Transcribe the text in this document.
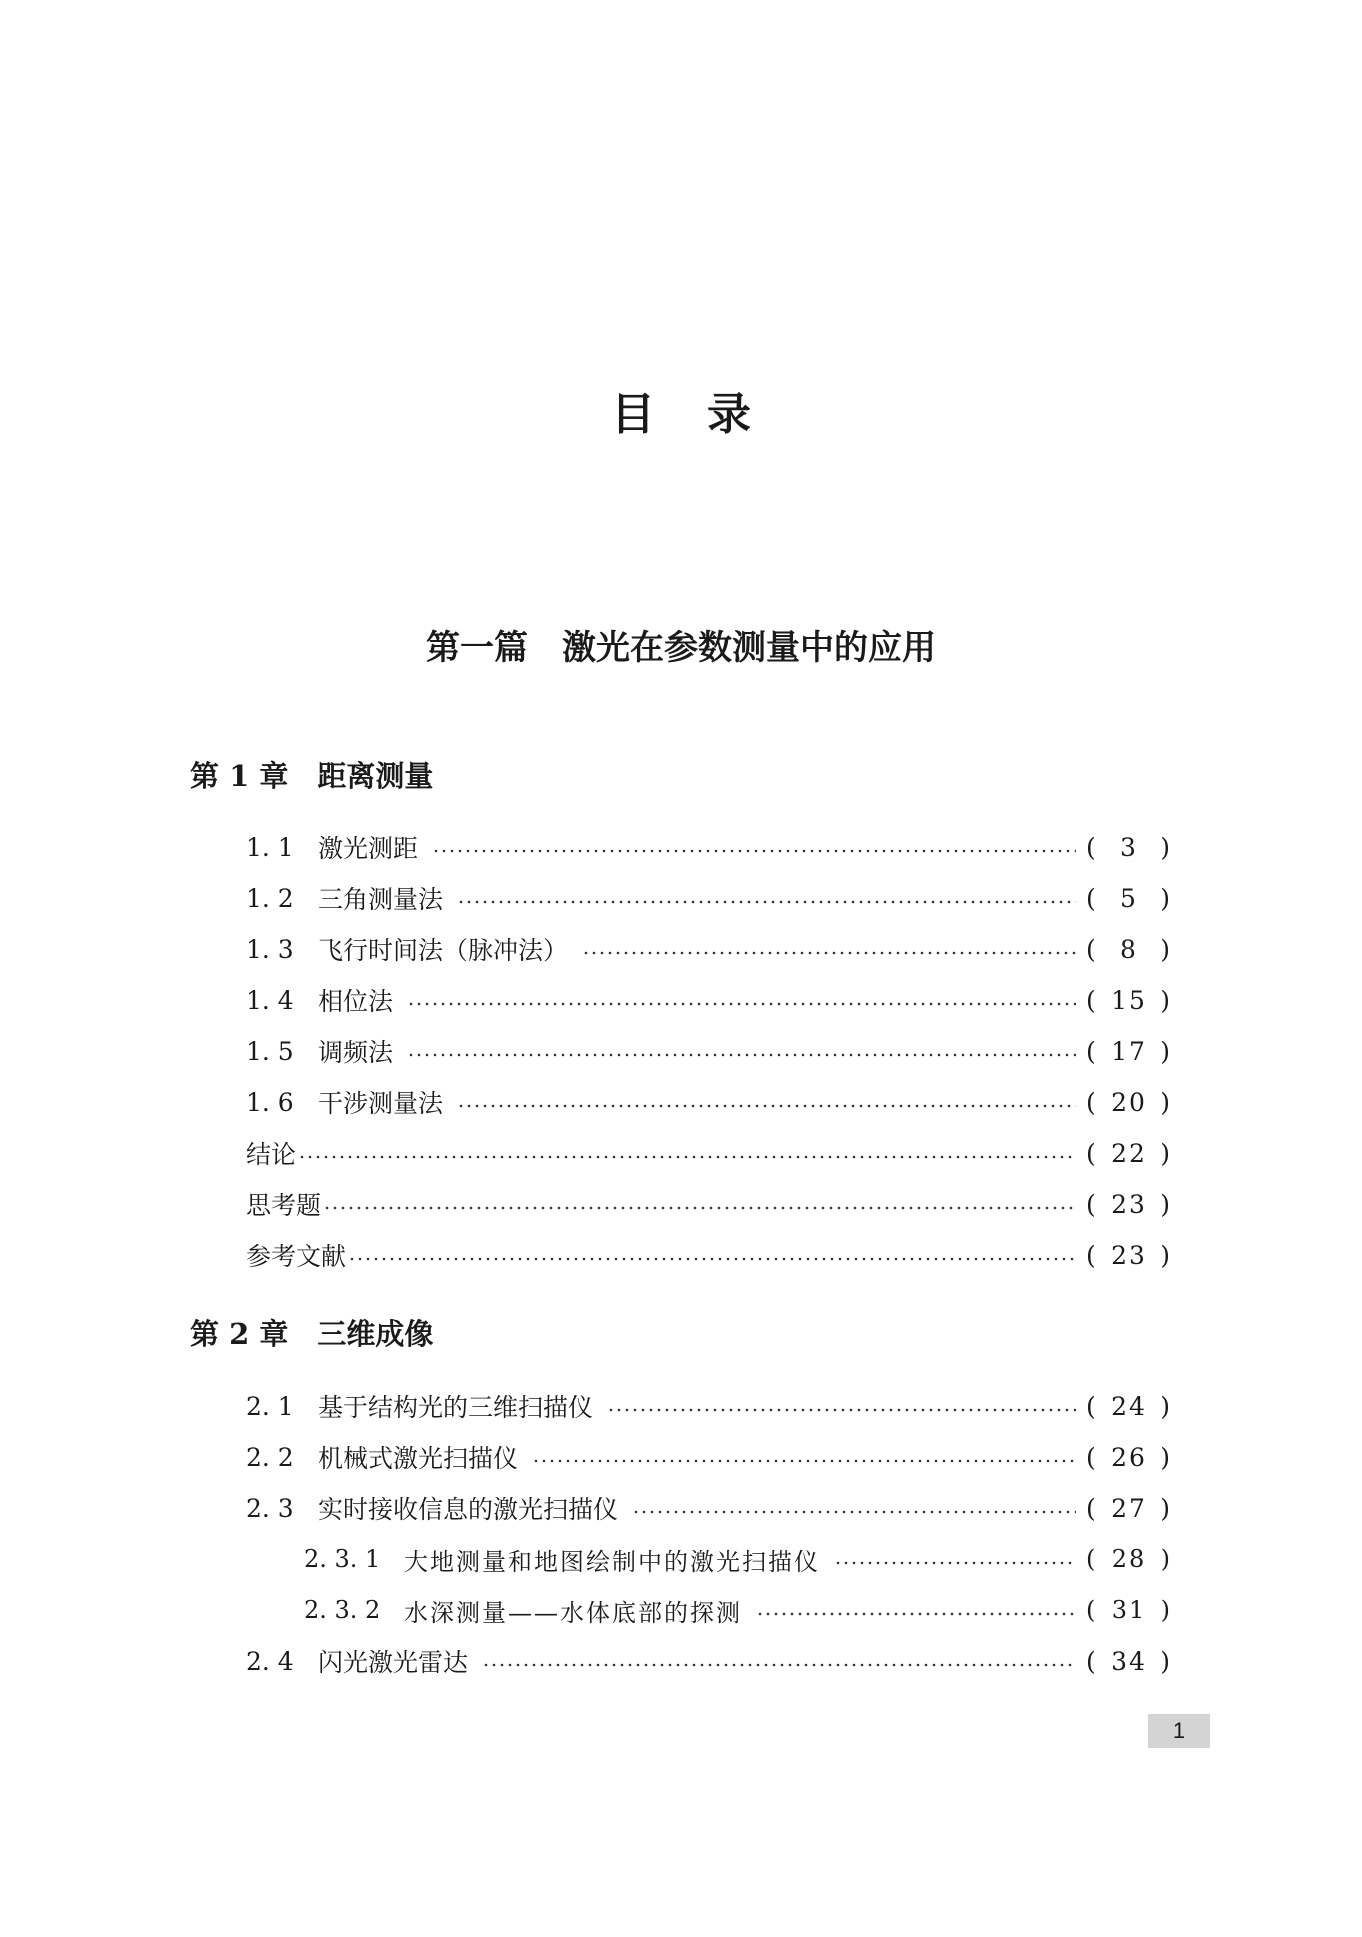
目录
第一篇　激光在参数测量中的应用
第 1 章　距离测量
1. 1 激光测距	( 3 )
1. 2 三角测量法	( 5 )
1. 3 飞行时间法（脉冲法）	( 8 )
1. 4 相位法	( 15 )
1. 5 调频法	( 17 )
1. 6 干涉测量法	( 20 )
结论	( 22 )
思考题	( 23 )
参考文献	( 23 )
第 2 章　三维成像
2. 1 基于结构光的三维扫描仪	( 24 )
2. 2 机械式激光扫描仪	( 26 )
2. 3 实时接收信息的激光扫描仪	( 27 )
2. 3. 1 大地测量和地图绘制中的激光扫描仪	( 28 )
2. 3. 2 水深测量——水体底部的探测	( 31 )
2. 4 闪光激光雷达	( 34 )
1
